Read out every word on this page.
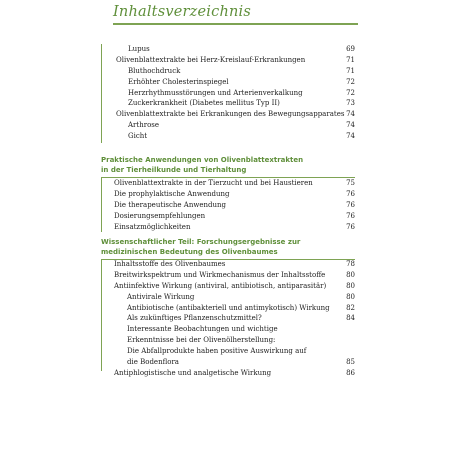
Inhaltsverzeichnis
Lupus	69
Olivenblattextrakte bei Herz-Kreislauf-Erkrankungen	71
Bluthochdruck	71
Erhöhter Cholesterinspiegel	72
Herzrhythmusstörungen und Arterienverkalkung	72
Zuckerkrankheit (Diabetes mellitus Typ II)	73
Olivenblattextrakte bei Erkrankungen des Bewegungsapparates 74
Arthrose	74
Gicht	74
Praktische Anwendungen von Olivenblattextrakten
in der Tierheilkunde und Tierhaltung
Olivenblattextrakte in der Tierzucht und bei Haustieren	75
Die prophylaktische Anwendung	76
Die therapeutische Anwendung	76
Dosierungsempfehlungen	76
Einsatzmöglichkeiten	76
Wissenschaftlicher Teil: Forschungsergebnisse zur
medizinischen Bedeutung des Olivenbaumes
Inhaltsstoffe des Olivenbaumes	78
Breitwirkspektrum und Wirkmechanismus der Inhaltsstoffe	80
Antiinfektive Wirkung (antiviral, antibiotisch, antiparasitär)	80
Antivirale Wirkung	80
Antibiotische (antibakteriell und antimykotisch) Wirkung 82
Als zukünftiges Pflanzenschutzmittel?	84
Interessante Beobachtungen und wichtige
Erkenntnisse bei der Olivenölherstellung:
Die Abfallprodukte haben positive Auswirkung auf
die Bodenflora	85
Antiphlogistische und analgetische Wirkung	86
